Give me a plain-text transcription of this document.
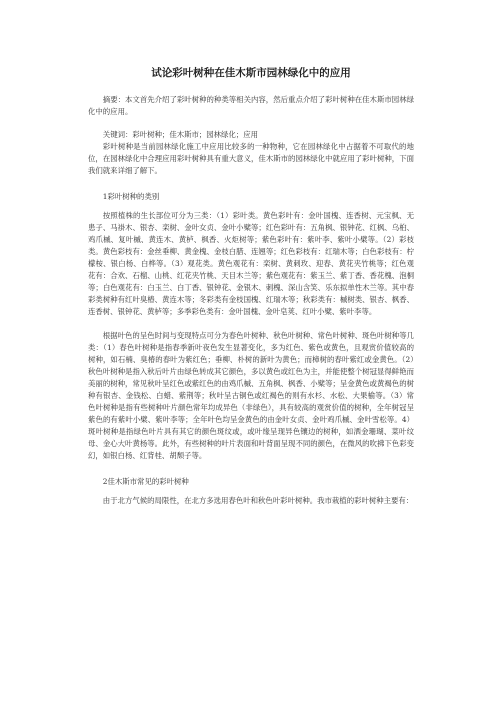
试论彩叶树种在佳木斯市园林绿化中的应用

摘要：本文首先介绍了彩叶树种的种类等相关内容，然后重点介绍了彩叶树种在佳木斯市园林绿化中的应用。

关键词：彩叶树种；佳木斯市；园林绿化；应用

彩叶树种是当前园林绿化施工中应用比较多的一种物种，它在园林绿化中占据着不可取代的地位，在园林绿化中合理应用彩叶树种具有重大意义，佳木斯市的园林绿化中就应用了彩叶树种，下面我们就来详细了解下。

1彩叶树种的类别

按照植株的生长部位可分为三类：（1）彩叶类。黄色彩叶有：金叶国槐、连香树、元宝枫、无患子、马褂木、银杏、栾树、金叶女贞、金叶小檗等；红色彩叶有：五角枫、银钟花、红枫、乌桕、鸡爪槭、复叶槭、黄连木、黄栌、枫香、火炬树等；紫色彩叶有：紫叶李、紫叶小檗等。（2）彩枝类。黄色彩枝有：金丝垂柳、黄金槐、金枝白腊、连翘等；红色彩枝有：红瑞木等；白色彩枝有：柠檬桉、银白杨、白桦等。（3）观花类。黄色观花有：栾树、黄刺玫、迎春、黄花夹竹桃等；红色观花有：合欢、石榴、山桃、红花夹竹桃、天目木兰等；紫色观花有：紫玉兰、紫丁香、香花槐、泡桐等；白色观花有：白玉兰、白丁香、银钟花、金银木、刺槐、深山含笑、乐东拟单性木兰等。其中春彩类树种有红叶臭椿、黄连木等；冬彩类有金枝国槐、红瑞木等；秋彩类有：槭树类、银杏、枫香、连香树、银钟花、黄栌等；多季彩色类有：金叶国槐、金叶皂荚、红叶小檗、紫叶李等。

根据叶色的呈色时间与变现特点可分为春色叶树种、秋色叶树种、常色叶树种、斑色叶树种等几类：（1）春色叶树种是指春季新叶夜色发生显著变化，多为红色、紫色或黄色，且观赏价值较高的树种，如石楠、臭椿的春叶为紫红色；垂柳、朴树的新叶为黄色；而樟树的春叶紫红或金黄色。（2）秋色叶树种是指入秋后叶片由绿色转成其它颜色，多以黄色或红色为主，并能使整个树冠显得鲜艳而美丽的树种，常见秋叶呈红色或紫红色的由鸡爪槭、五角枫、枫香、小檗等；呈金黄色或黄褐色的树种有银杏、金钱松、白蜡、紫荆等；秋叶呈古铜色或红褐色的则有水杉、水松、大果榆等。（3）常色叶树种是指有些树种叶片颜色常年均成异色（非绿色），具有较高的观赏价值的树种，全年树冠呈紫色的有紫叶小檗、紫叶李等；全年叶色均呈金黄色的由金叶女贞、金叶鸡爪槭、金叶雪松等。4）斑叶树种是指绿色叶片具有其它的颜色斑纹或，或叶缘呈现异色镶边的树种，如洒金珊瑚、菜叶纹母、金心大叶黄杨等。此外，有些树种的叶片表面和叶背面呈现不同的颜色，在微风的吹拂下色彩变幻，如银白杨、红背桂、胡颓子等。

2佳木斯市常见的彩叶树种

由于北方气候的局限性，在北方多选用春色叶和秋色叶彩叶树种。我市栽植的彩叶树种主要有：
